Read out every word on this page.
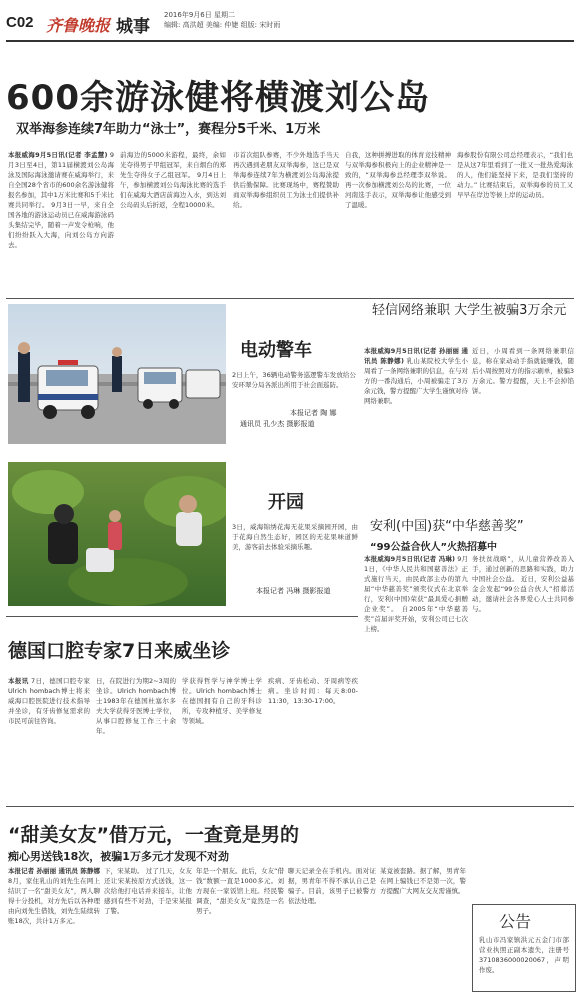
C02 齐鲁晚报 城事
2016年9月6日 星期二
编辑: 高洪超 美编: 仲婕 组版: 宋时雨
600余游泳健将横渡刘公岛
双举海参连续7年助力“泳士”，赛程分5千米、1万米
本报威海9月5日讯(记者 李孟慧) 9月3日至4日，第11届横渡刘公岛海泳及国际海泳邀请赛在威海举行，来自全国28个省市的600余名游泳健将报名参加，其中1万米比赛和5千米比赛共同举行。 9月3日一早，来自全国各地的游泳运动员已在威海游泳码头集结完毕，随着一声发令枪响，他们纷纷跃入大海，向刘公岛方向游去。
前海边的5000米游程，最终，余如光夺得男子甲组冠军，来自烟台的郑先生夺得女子乙组冠军。 9月4日上午，参加横渡刘公岛海泳比赛的选手们在威海大酒店前海边入水，到达刘公岛码头后折返，全程10000米。
市首次组队参赛，不少外地选手当天再次遇到老朋友双举海参，这已是双举海参连续7年为横渡刘公岛海泳提供后勤保障。比赛现场中，赛程赞助商双举海参组织员工为泳士们提供补给。
自我，这种拼搏进取的体育竞技精神与双举海参积极向上的企业精神是一致的，“双举海参总经理李双举说。 再一次参加横渡刘公岛的比赛，一位河南选手表示，双举海参让他感受到了温暖。
海参股份有限公司总经理表示，“我们也是从这7年里看到了一批又一批热爱海泳的人，他们能坚持下来，是我们坚持的动力。” 比赛结束后，双举海参的员工又早早在岸边等候上岸的运动员。
电动警车
2日上午，36辆电动警务巡逻警车发放给公安环翠分局各派出所用于社会面巡防。
本报记者 陶 娜
通讯员 孔少杰 摄影报道
轻信网络兼职 大学生被骗3万余元
本报威海9月5日讯(记者 孙丽丽 通讯员 陈静娜) 乳山某院校大学生小周看了一条网络兼职的信息，在与对方的一番沟通后，小周被骗走了3万余元钱，警方提醒广大学生谨慎对待网络兼职。
近日，小周看到一条网络兼职信息，称在家动动手指就能赚钱，随后小周按照对方的指示刷单，被骗3万余元。警方提醒，天上不会掉馅饼。
开园
3日，威海锦绣花海无花果采摘园开园，由于花海自然生态好，园区的无花果味道鲜美，游客前去体验采摘乐趣。
本报记者 冯琳 摄影报道
安利(中国)获“中华慈善奖”
“99公益合伙人”火热招募中
本报威海9月5日讯(记者 冯琳) 9月1日，《中华人民共和国慈善法》正式施行当天，由民政部主办的第九届“中华慈善奖”颁奖仪式在北京举行，安利(中国)荣获“最具爱心捐赠企业奖”。 自2005年“中华慈善奖”首届评奖开始，安利公司已七次上榜。
务扶贫战略”，从儿童营养改善入手，通过创新的思路和实践，助力中国社会公益。 近日，安利公益基金会发起“99公益合伙人”招募活动，邀请社会各界爱心人士共同参与。
德国口腔专家7日来威坐诊
本报讯 7日，德国口腔专家Ulrich hombach博士将来威海口腔医院进行技术指导并坐诊，有牙齿修复需求的市民可前往咨询。
日，在院进行为期2~3周的坐诊。Ulrich hombach博士1983年在德国杜塞尔多夫大学获得牙医博士学位，从事口腔修复工作三十余年。
学获得哲学与神学博士学位。Ulrich hombach博士在德国拥有自己的牙科诊所，专攻种植牙、美学修复等领域。
疾病、牙齿松动、牙周病等疾病。坐诊时间：每天8:00-11:30，13:30-17:00。
“甜美女友”借万元，一查竟是男的
痴心男送钱18次，被骗1万多元才发现不对劲
本报记者 孙丽丽 通讯员 陈静娜 8月，家住乳山的刘先生在网上结识了一名“甜美女友”，两人聊得十分投机，对方先后以各种理由向刘先生借钱，刘先生陆续转账18次，共计1万多元。
下，宋某助。 过了几天，女友还让宋某按原方式送钱，这一次给他打电话并来接车，让他感到有些不对劲，于是宋某报了警。
年是一个朋友。此后，女友“借钱”数额一直是1000多元。刘方现在一家饭馆上班。经民警调查，“甜美女友”竟然是一名男子。
聊天记录全在手机内。面对证据，男青年不得不承认自己是骗子。目前，该男子已被警方依法处理。
某竟被套路。据了解，男青年在网上骗钱已不是第一次，警方提醒广大网友交友需谨慎。
公告
乳山市冯家镇洪元五金门市部营业执照正副本遗失，注册号3710836000020067，声明作废。
